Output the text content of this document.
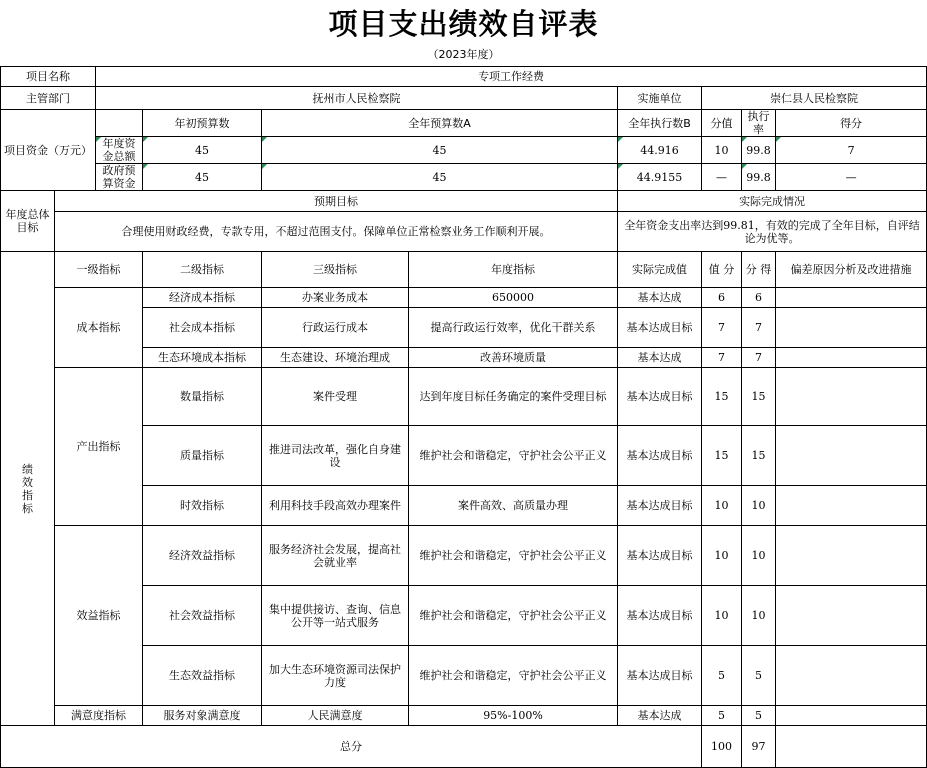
项目支出绩效自评表
（2023年度）
项目名称		专项工作经费							
主管部门		抚州市人民检察院				实施单位	崇仁县人民检察院		
项目资金（万元）			年初预算数	全年预算数A		全年执行数B	分值	执行率	得分
		年度资金总额	45	45		44.916	10	99.8	7
		政府预算资金	45	45		44.9155	—	99.8	—
年度总体目标	预期目标					实际完成情况			
	合理使用财政经费，专款专用，不超过范围支付。保障单位正常检察业务工作顺利开展。					全年资金支出率达到99.81，有效的完成了全年目标，自评结论为优等。			

绩效指标	一级指标		二级指标	三级指标	年度指标	实际完成值	值 分	分 得	偏差原因分析及改进措施
	成本指标		经济成本指标	办案业务成本	650000	基本达成	6	6	
			社会成本指标	行政运行成本	提高行政运行效率，优化干群关系	基本达成目标	7	7	
			生态环境成本指标	生态建设、环境治理成	改善环境质量	基本达成	7	7	
	产出指标		数量指标	案件受理	达到年度目标任务确定的案件受理目标	基本达成目标	15	15	
			质量指标	推进司法改革，强化自身建设	维护社会和谐稳定，守护社会公平正义	基本达成目标	15	15	
			时效指标	利用科技手段高效办理案件	案件高效、高质量办理	基本达成目标	10	10	
	效益指标		经济效益指标	服务经济社会发展，提高社会就业率	维护社会和谐稳定，守护社会公平正义	基本达成目标	10	10	
			社会效益指标	集中提供接访、查询、信息公开等一站式服务	维护社会和谐稳定，守护社会公平正义	基本达成目标	10	10	
			生态效益指标	加大生态环境资源司法保护力度	维护社会和谐稳定，守护社会公平正义	基本达成目标	5	5	
	满意度指标		服务对象满意度	人民满意度	95%-100%	基本达成	5	5	
总分							100	97	
